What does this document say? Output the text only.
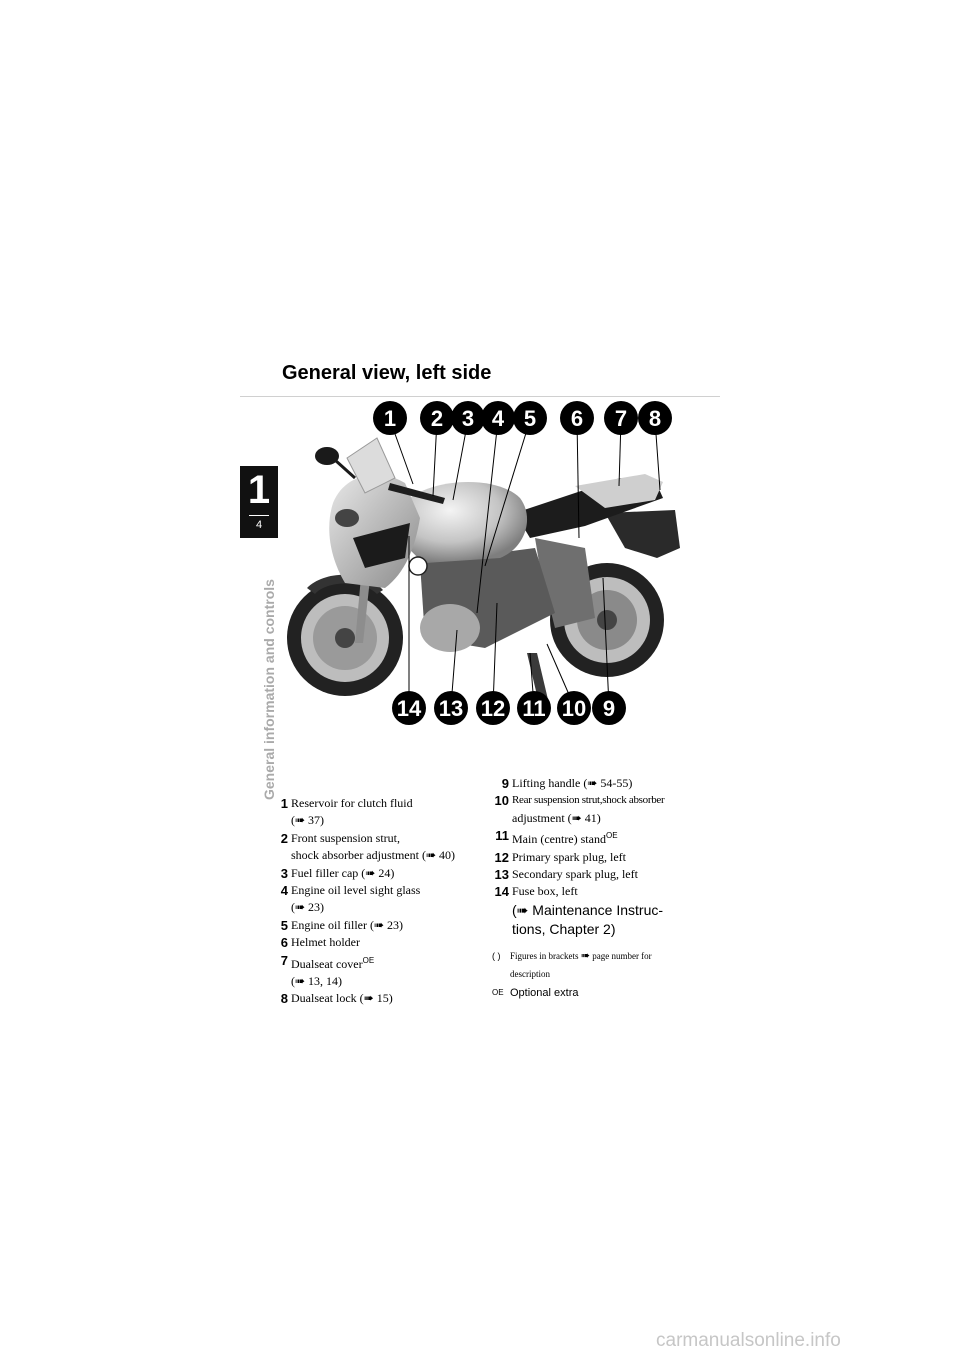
1
4
General information and controls
General view, left side
1 2 3 4 5 6 7 8
14 13 12 11 10 9
1 Reservoir for clutch fluid
(➠ 37)
2 Front suspension strut,
shock absorber adjustment (➠ 40)
3 Fuel filler cap (➠ 24)
4 Engine oil level sight glass
(➠ 23)
5 Engine oil filler (➠ 23)
6 Helmet holder
7 Dualseat cover$^{OE}$
(➠ 13, 14)
8 Dualseat lock (➠ 15)
9 Lifting handle (➠ 54-55)
10 Rear suspension strut,shock absorber
adjustment (➠ 41)
11 Main (centre) stand$^{OE}$
12 Primary spark plug, left
13 Secondary spark plug, left
14 Fuse box, left
(➠ Maintenance Instruc-
tions, Chapter 2)
( ) Figures in brackets ➠ page number for
description
OE Optional extra
carmanualsonline.info
